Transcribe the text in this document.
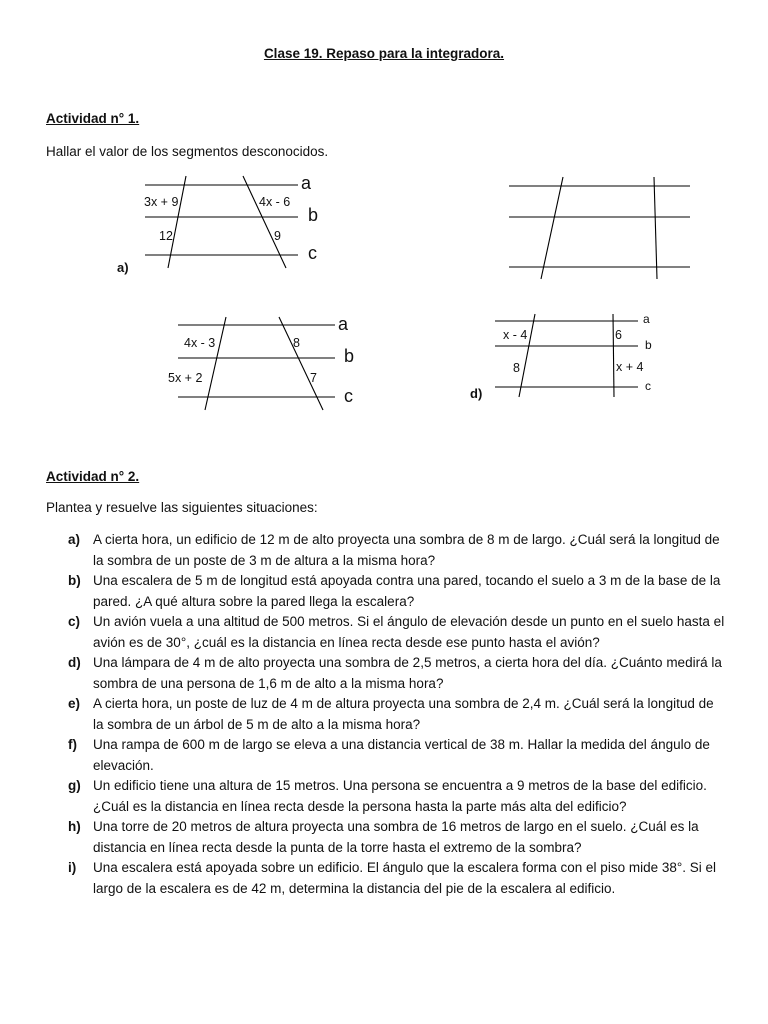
Clase 19. Repaso para la integradora.
Actividad n° 1.
Hallar el valor de los segmentos desconocidos.
3x + 9
12
4x - 6
9
a
b
c
4x - 3
5x + 2
8
7
a
b
c
x - 4
8
6
x + 4
a
b
c
a)
d)
Actividad n° 2.
Plantea y resuelve las siguientes situaciones:
a) A cierta hora, un edificio de 12 m de alto proyecta una sombra de 8 m de largo. ¿Cuál será la longitud de la sombra de un poste de 3 m de altura a la misma hora?
b) Una escalera de 5 m de longitud está apoyada contra una pared, tocando el suelo a 3 m de la base de la pared. ¿A qué altura sobre la pared llega la escalera?
c) Un avión vuela a una altitud de 500 metros. Si el ángulo de elevación desde un punto en el suelo hasta el avión es de 30°, ¿cuál es la distancia en línea recta desde ese punto hasta el avión?
d) Una lámpara de 4 m de alto proyecta una sombra de 2,5 metros, a cierta hora del día. ¿Cuánto medirá la sombra de una persona de 1,6 m de alto a la misma hora?
e) A cierta hora, un poste de luz de 4 m de altura proyecta una sombra de 2,4 m. ¿Cuál será la longitud de la sombra de un árbol de 5 m de alto a la misma hora?
f) Una rampa de 600 m de largo se eleva a una distancia vertical de 38 m. Hallar la medida del ángulo de elevación.
g) Un edificio tiene una altura de 15 metros. Una persona se encuentra a 9 metros de la base del edificio. ¿Cuál es la distancia en línea recta desde la persona hasta la parte más alta del edificio?
h) Una torre de 20 metros de altura proyecta una sombra de 16 metros de largo en el suelo. ¿Cuál es la distancia en línea recta desde la punta de la torre hasta el extremo de la sombra?
i) Una escalera está apoyada sobre un edificio. El ángulo que la escalera forma con el piso mide 38°. Si el largo de la escalera es de 42 m, determina la distancia del pie de la escalera al edificio.
